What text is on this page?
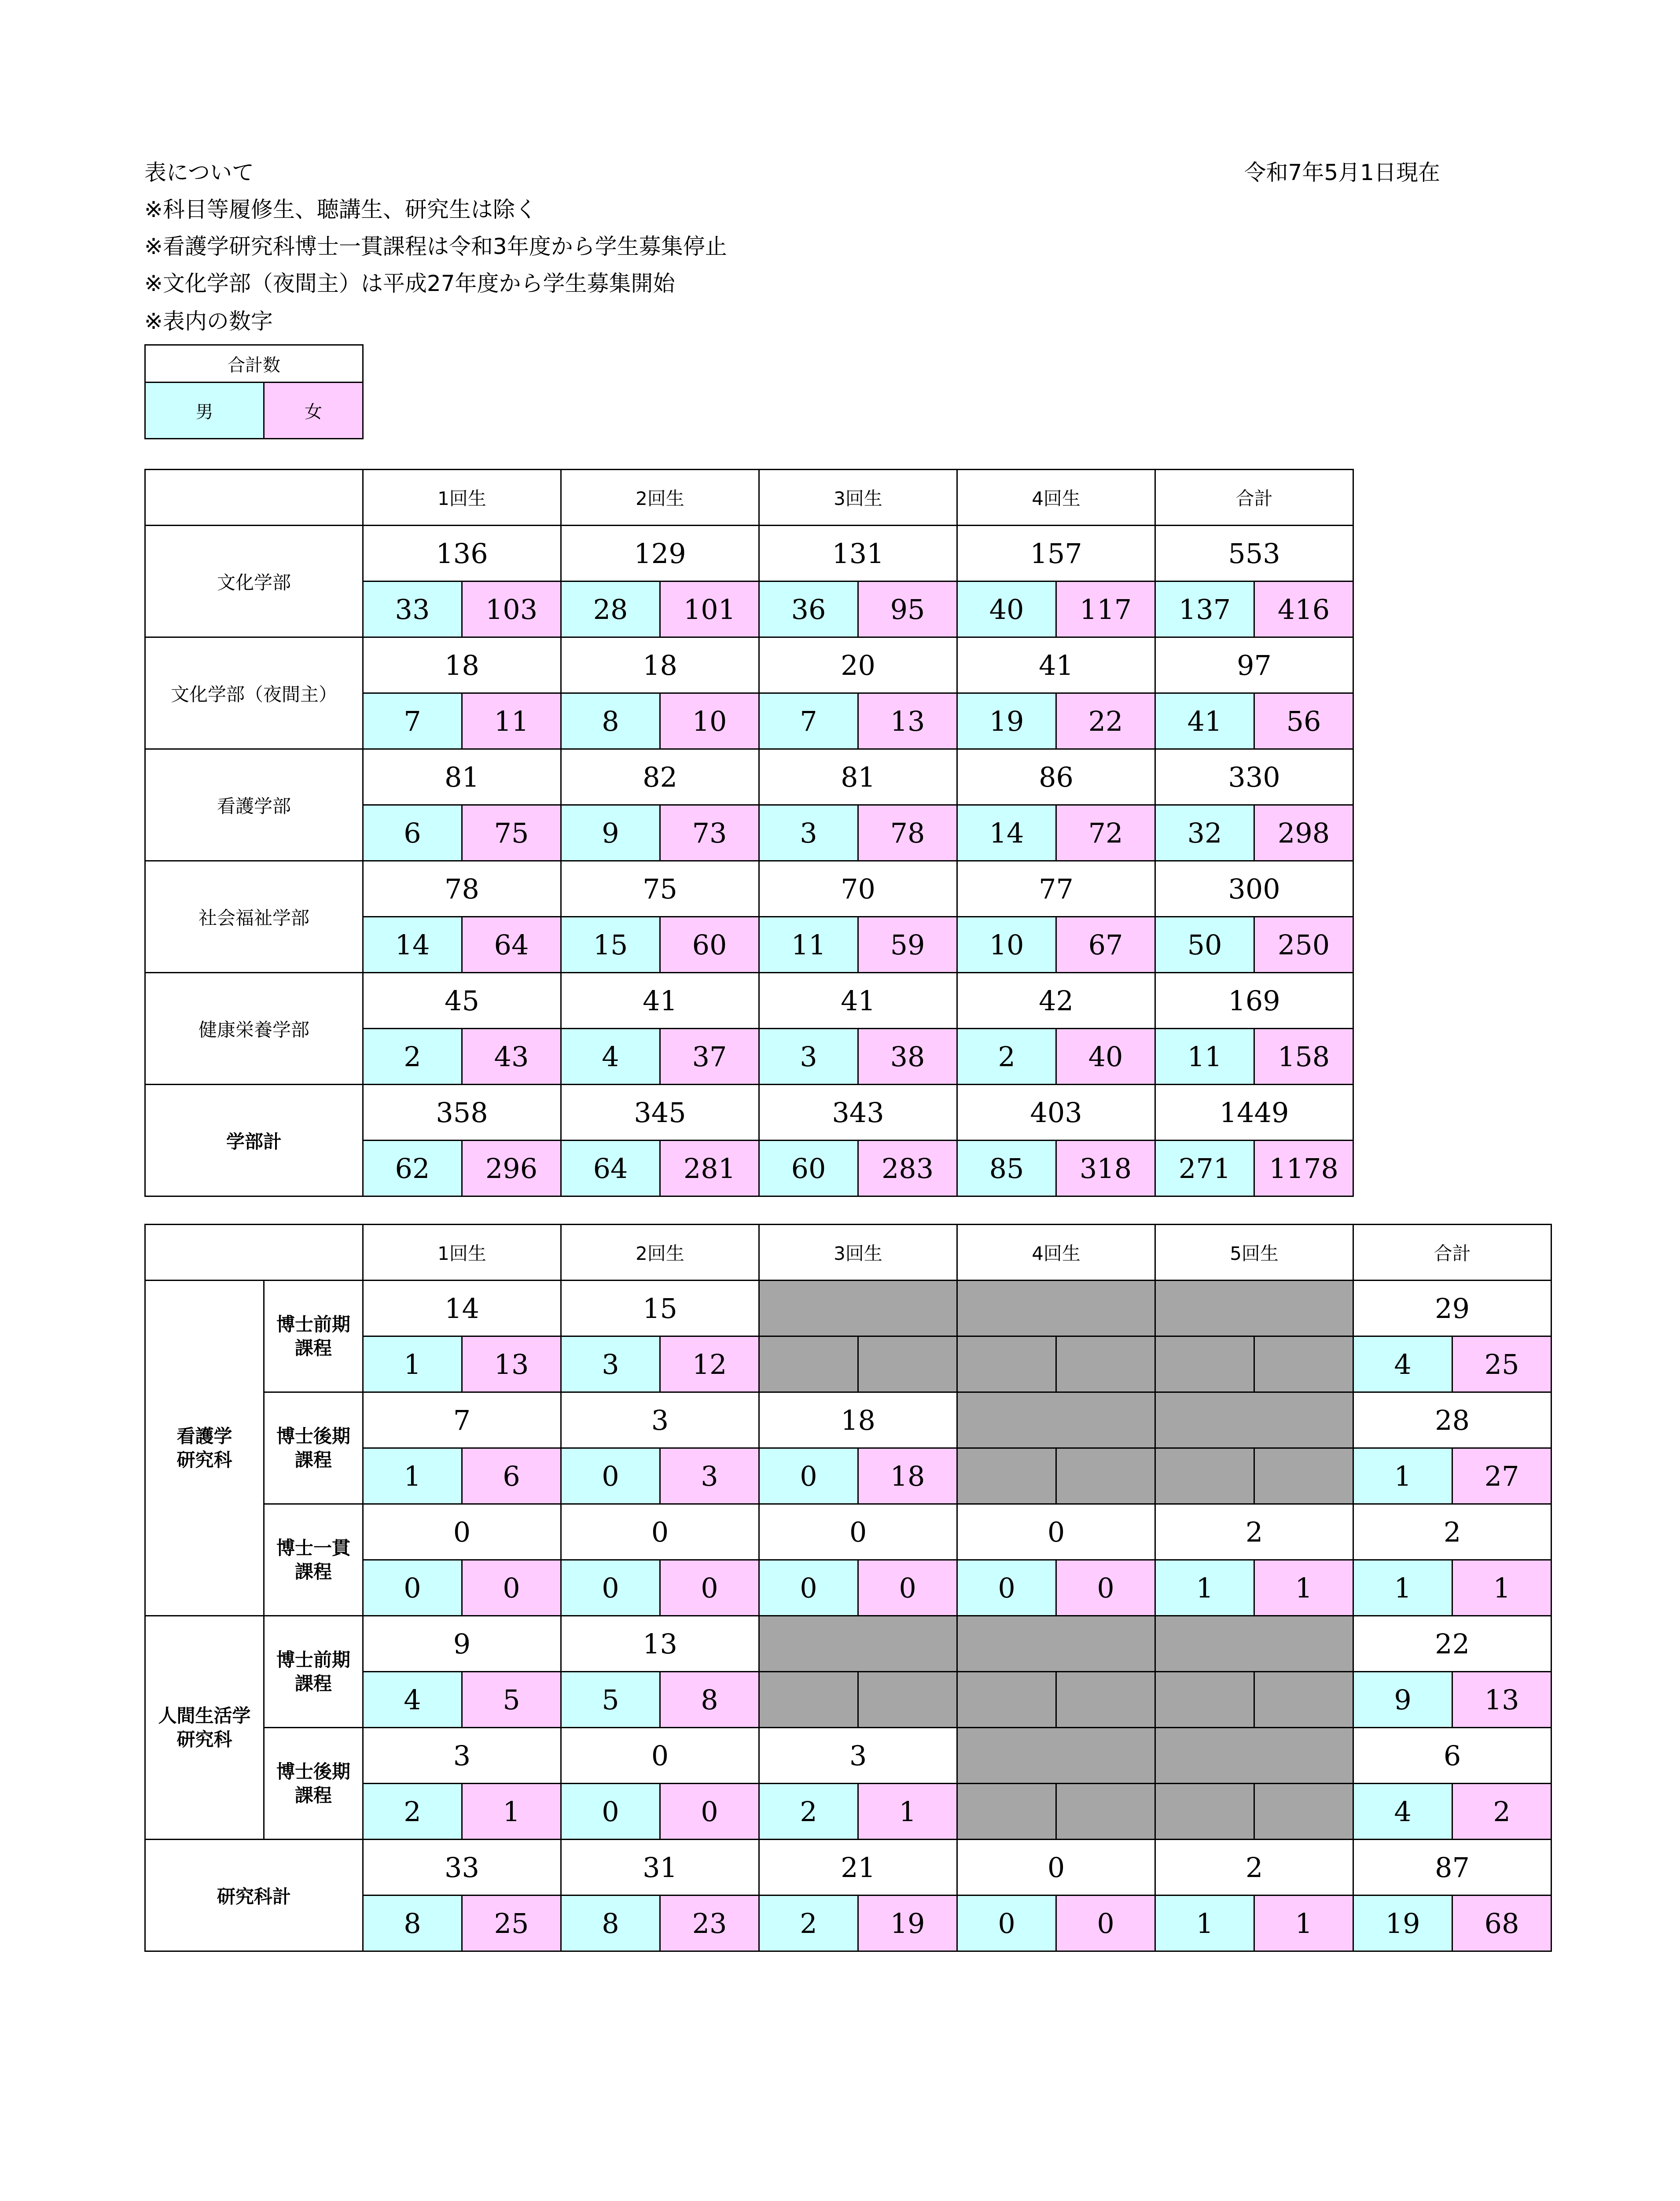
表について	令和7年5月1日現在
※科目等履修生、聴講生、研究生は除く
※看護学研究科博士一貫課程は令和3年度から学生募集停止
※文化学部（夜間主）は平成27年度から学生募集開始
※表内の数字
合計数
男	女
	1回生		2回生		3回生		4回生		合計	
文化学部	136		129		131		157		553	
	33	103	28	101	36	95	40	117	137	416
文化学部（夜間主）	18		18		20		41		97	
	7	11	8	10	7	13	19	22	41	56
看護学部	81		82		81		86		330	
	6	75	9	73	3	78	14	72	32	298
社会福祉学部	78		75		70		77		300	
	14	64	15	60	11	59	10	67	50	250
健康栄養学部	45		41		41		42		169	
	2	43	4	37	3	38	2	40	11	158
学部計	358		345		343		403		1449	
	62	296	64	281	60	283	85	318	271	1178
		1回生		2回生		3回生		4回生		5回生		合計	
看護学
研究科	博士前期
課程	14		15								29	
		1	13	3	12							4	25
	博士後期
課程	7		3		18						28	
		1	6	0	3	0	18					1	27
	博士一貫
課程	0		0		0		0		2		2	
		0	0	0	0	0	0	0	0	1	1	1	1
人間生活学
研究科	博士前期
課程	9		13								22	
		4	5	5	8							9	13
	博士後期
課程	3		0		3						6	
		2	1	0	0	2	1					4	2
研究科計		33		31		21		0		2		87	
		8	25	8	23	2	19	0	0	1	1	19	68
